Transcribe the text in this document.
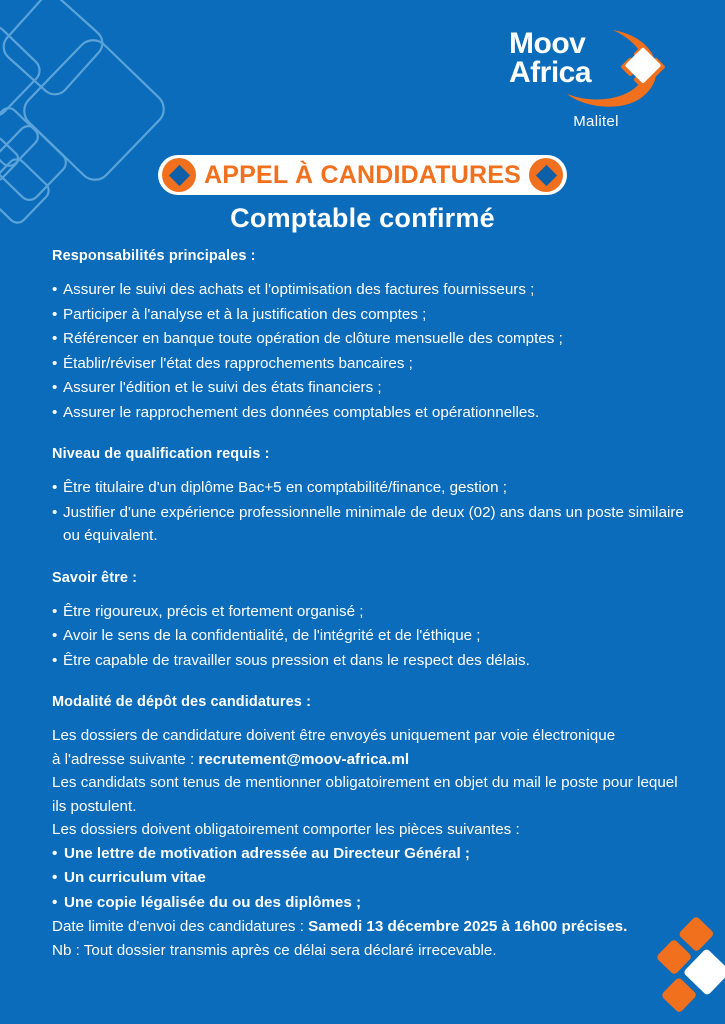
Moov
Africa
Malitel
APPEL À CANDIDATURES
Comptable confirmé
Responsabilités principales :
• Assurer le suivi des achats et l'optimisation des factures fournisseurs ;
• Participer à l'analyse et à la justification des comptes ;
• Référencer en banque toute opération de clôture mensuelle des comptes ;
• Établir/réviser l'état des rapprochements bancaires ;
• Assurer l'édition et le suivi des états financiers ;
• Assurer le rapprochement des données comptables et opérationnelles.
Niveau de qualification requis :
• Être titulaire d'un diplôme Bac+5 en comptabilité/finance, gestion ;
• Justifier d'une expérience professionnelle minimale de deux (02) ans dans un poste similaire ou équivalent.
Savoir être :
• Être rigoureux, précis et fortement organisé ;
• Avoir le sens de la confidentialité, de l'intégrité et de l'éthique ;
• Être capable de travailler sous pression et dans le respect des délais.
Modalité de dépôt des candidatures :

Les dossiers de candidature doivent être envoyés uniquement par voie électronique
à l'adresse suivante : recrutement@moov-africa.ml
Les candidats sont tenus de mentionner obligatoirement en objet du mail le poste pour lequel ils postulent.
Les dossiers doivent obligatoirement comporter les pièces suivantes :

• Une lettre de motivation adressée au Directeur Général ;
• Un curriculum vitae
• Une copie légalisée du ou des diplômes ;

Date limite d'envoi des candidatures : Samedi 13 décembre 2025 à 16h00 précises.
Nb : Tout dossier transmis après ce délai sera déclaré irrecevable.
